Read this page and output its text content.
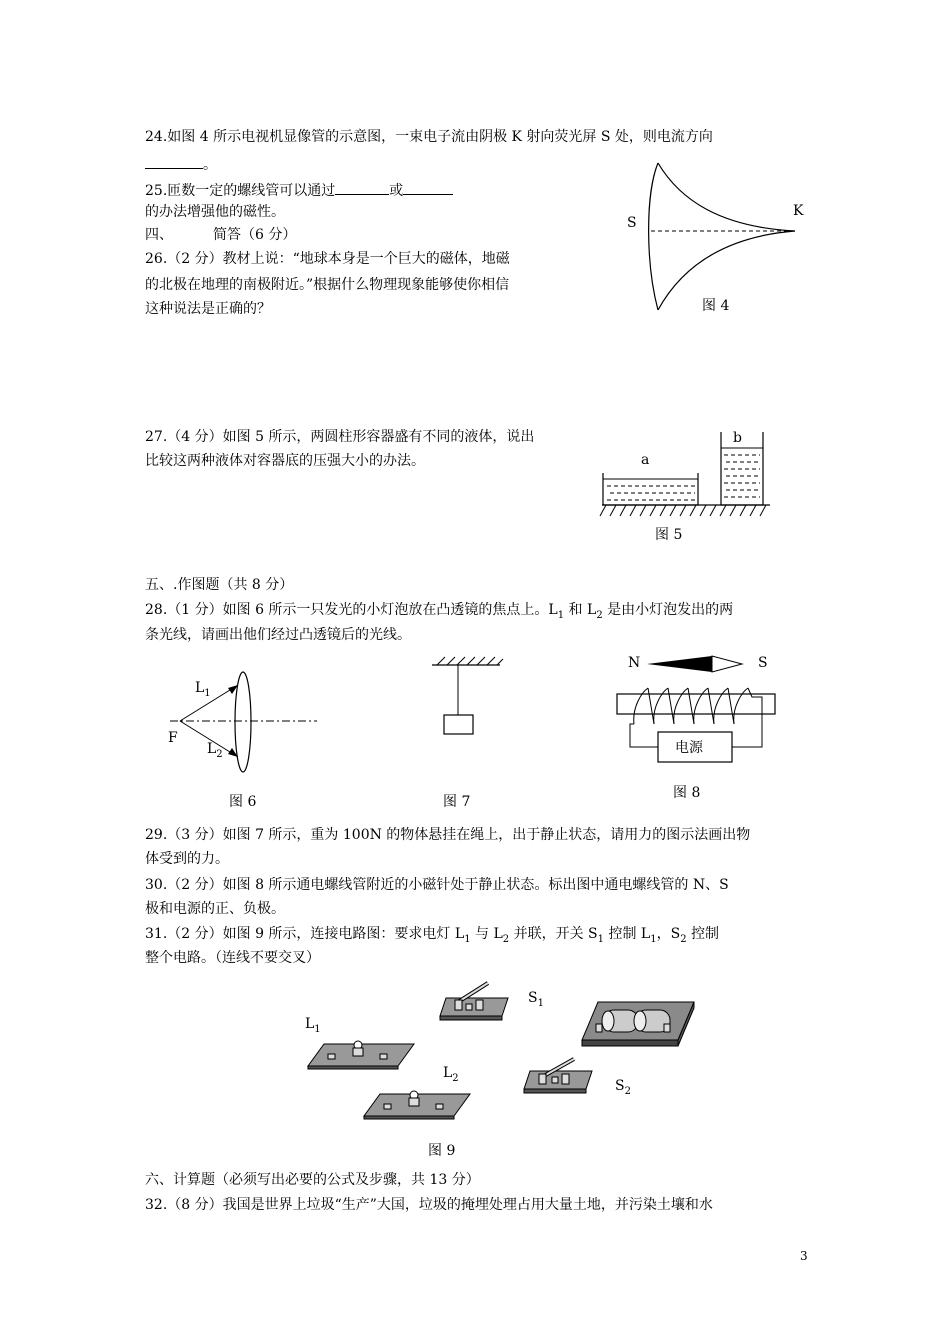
24.如图 4 所示电视机显像管的示意图，一束电子流由阴极 K 射向荧光屏 S 处，则电流方向
。
25.匝数一定的螺线管可以通过	或
的办法增强他的磁性。
四、	简答（6 分）
26.（2 分）教材上说：“地球本身是一个巨大的磁体，地磁
的北极在地理的南极附近。”根据什么物理现象能够使你相信
这种说法是正确的？
S
K
图 4
27.（4 分）如图 5 所示，两圆柱形容器盛有不同的液体，说出
比较这两种液体对容器底的压强大小的办法。	a
b
图 5
五、.作图题（共 8 分）
28.（1 分）如图 6 所示一只发光的小灯泡放在凸透镜的焦点上。$L_1$ 和 $L_2$ 是由小灯泡发出的两
条光线，请画出他们经过凸透镜后的光线。
$L_1$
$L_2$
F
图 6	图 7
N	S
电源
图 8
29.（3 分）如图 7 所示，重为 100N 的物体悬挂在绳上，出于静止状态，请用力的图示法画出物
体受到的力。
30.（2 分）如图 8 所示通电螺线管附近的小磁针处于静止状态。标出图中通电螺线管的 N、S
极和电源的正、负极。
31.（2 分）如图 9 所示，连接电路图：要求电灯 $L_1$ 与 $L_2$ 并联，开关 $S_1$ 控制 $L_1$，$S_2$ 控制
整个电路。（连线不要交叉）
$S_1$
$L_1$
$L_2$	$S_2$
图 9
六、计算题（必须写出必要的公式及步骤，共 13 分）
32.（8 分）我国是世界上垃圾“生产”大国，垃圾的掩埋处理占用大量土地，并污染土壤和水
3
